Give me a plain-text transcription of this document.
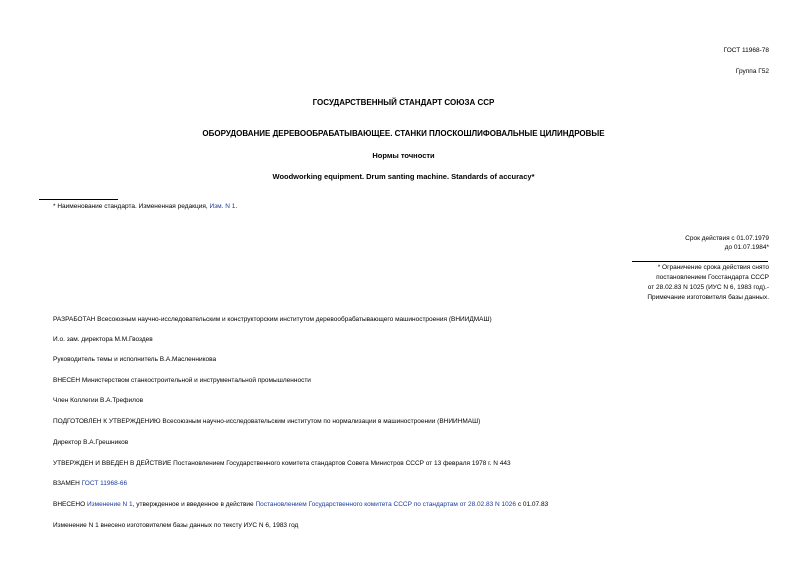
ГОСТ 11968-78
Группа Г52
ГОСУДАРСТВЕННЫЙ СТАНДАРТ СОЮЗА ССР
ОБОРУДОВАНИЕ ДЕРЕВООБРАБАТЫВАЮЩЕЕ. СТАНКИ ПЛОСКОШЛИФОВАЛЬНЫЕ ЦИЛИНДРОВЫЕ
Нормы точности
Woodworking equipment. Drum santing machine. Standards of accuracy*
* Наименование стандарта. Измененная редакция, Изм. N 1.
Срок действия с 01.07.1979
до 01.07.1984*
* Ограничение срока действия снято
постановлением Госстандарта СССР
от 28.02.83 N 1025 (ИУС N 6, 1983 год).-
Примечание изготовителя базы данных.
РАЗРАБОТАН Всесоюзным научно-исследовательским и конструкторским институтом деревообрабатывающего машиностроения (ВНИИДМАШ)
И.о. зам. директора М.М.Гвоздев
Руководитель темы и исполнитель В.А.Масленникова
ВНЕСЕН Министерством станкостроительной и инструментальной промышленности
Член Коллегии В.А.Трефилов
ПОДГОТОВЛЕН К УТВЕРЖДЕНИЮ Всесоюзным научно-исследовательским институтом по нормализации в машиностроении (ВНИИНМАШ)
Директор В.А.Грешников
УТВЕРЖДЕН И ВВЕДЕН В ДЕЙСТВИЕ Постановлением Государственного комитета стандартов Совета Министров СССР от 13 февраля 1978 г. N 443
ВЗАМЕН ГОСТ 11968-66
ВНЕСЕНО Изменение N 1, утвержденное и введенное в действие Постановлением Государственного комитета СССР по стандартам от 28.02.83 N 1026 с 01.07.83
Изменение N 1 внесено изготовителем базы данных по тексту ИУС N 6, 1983 год
